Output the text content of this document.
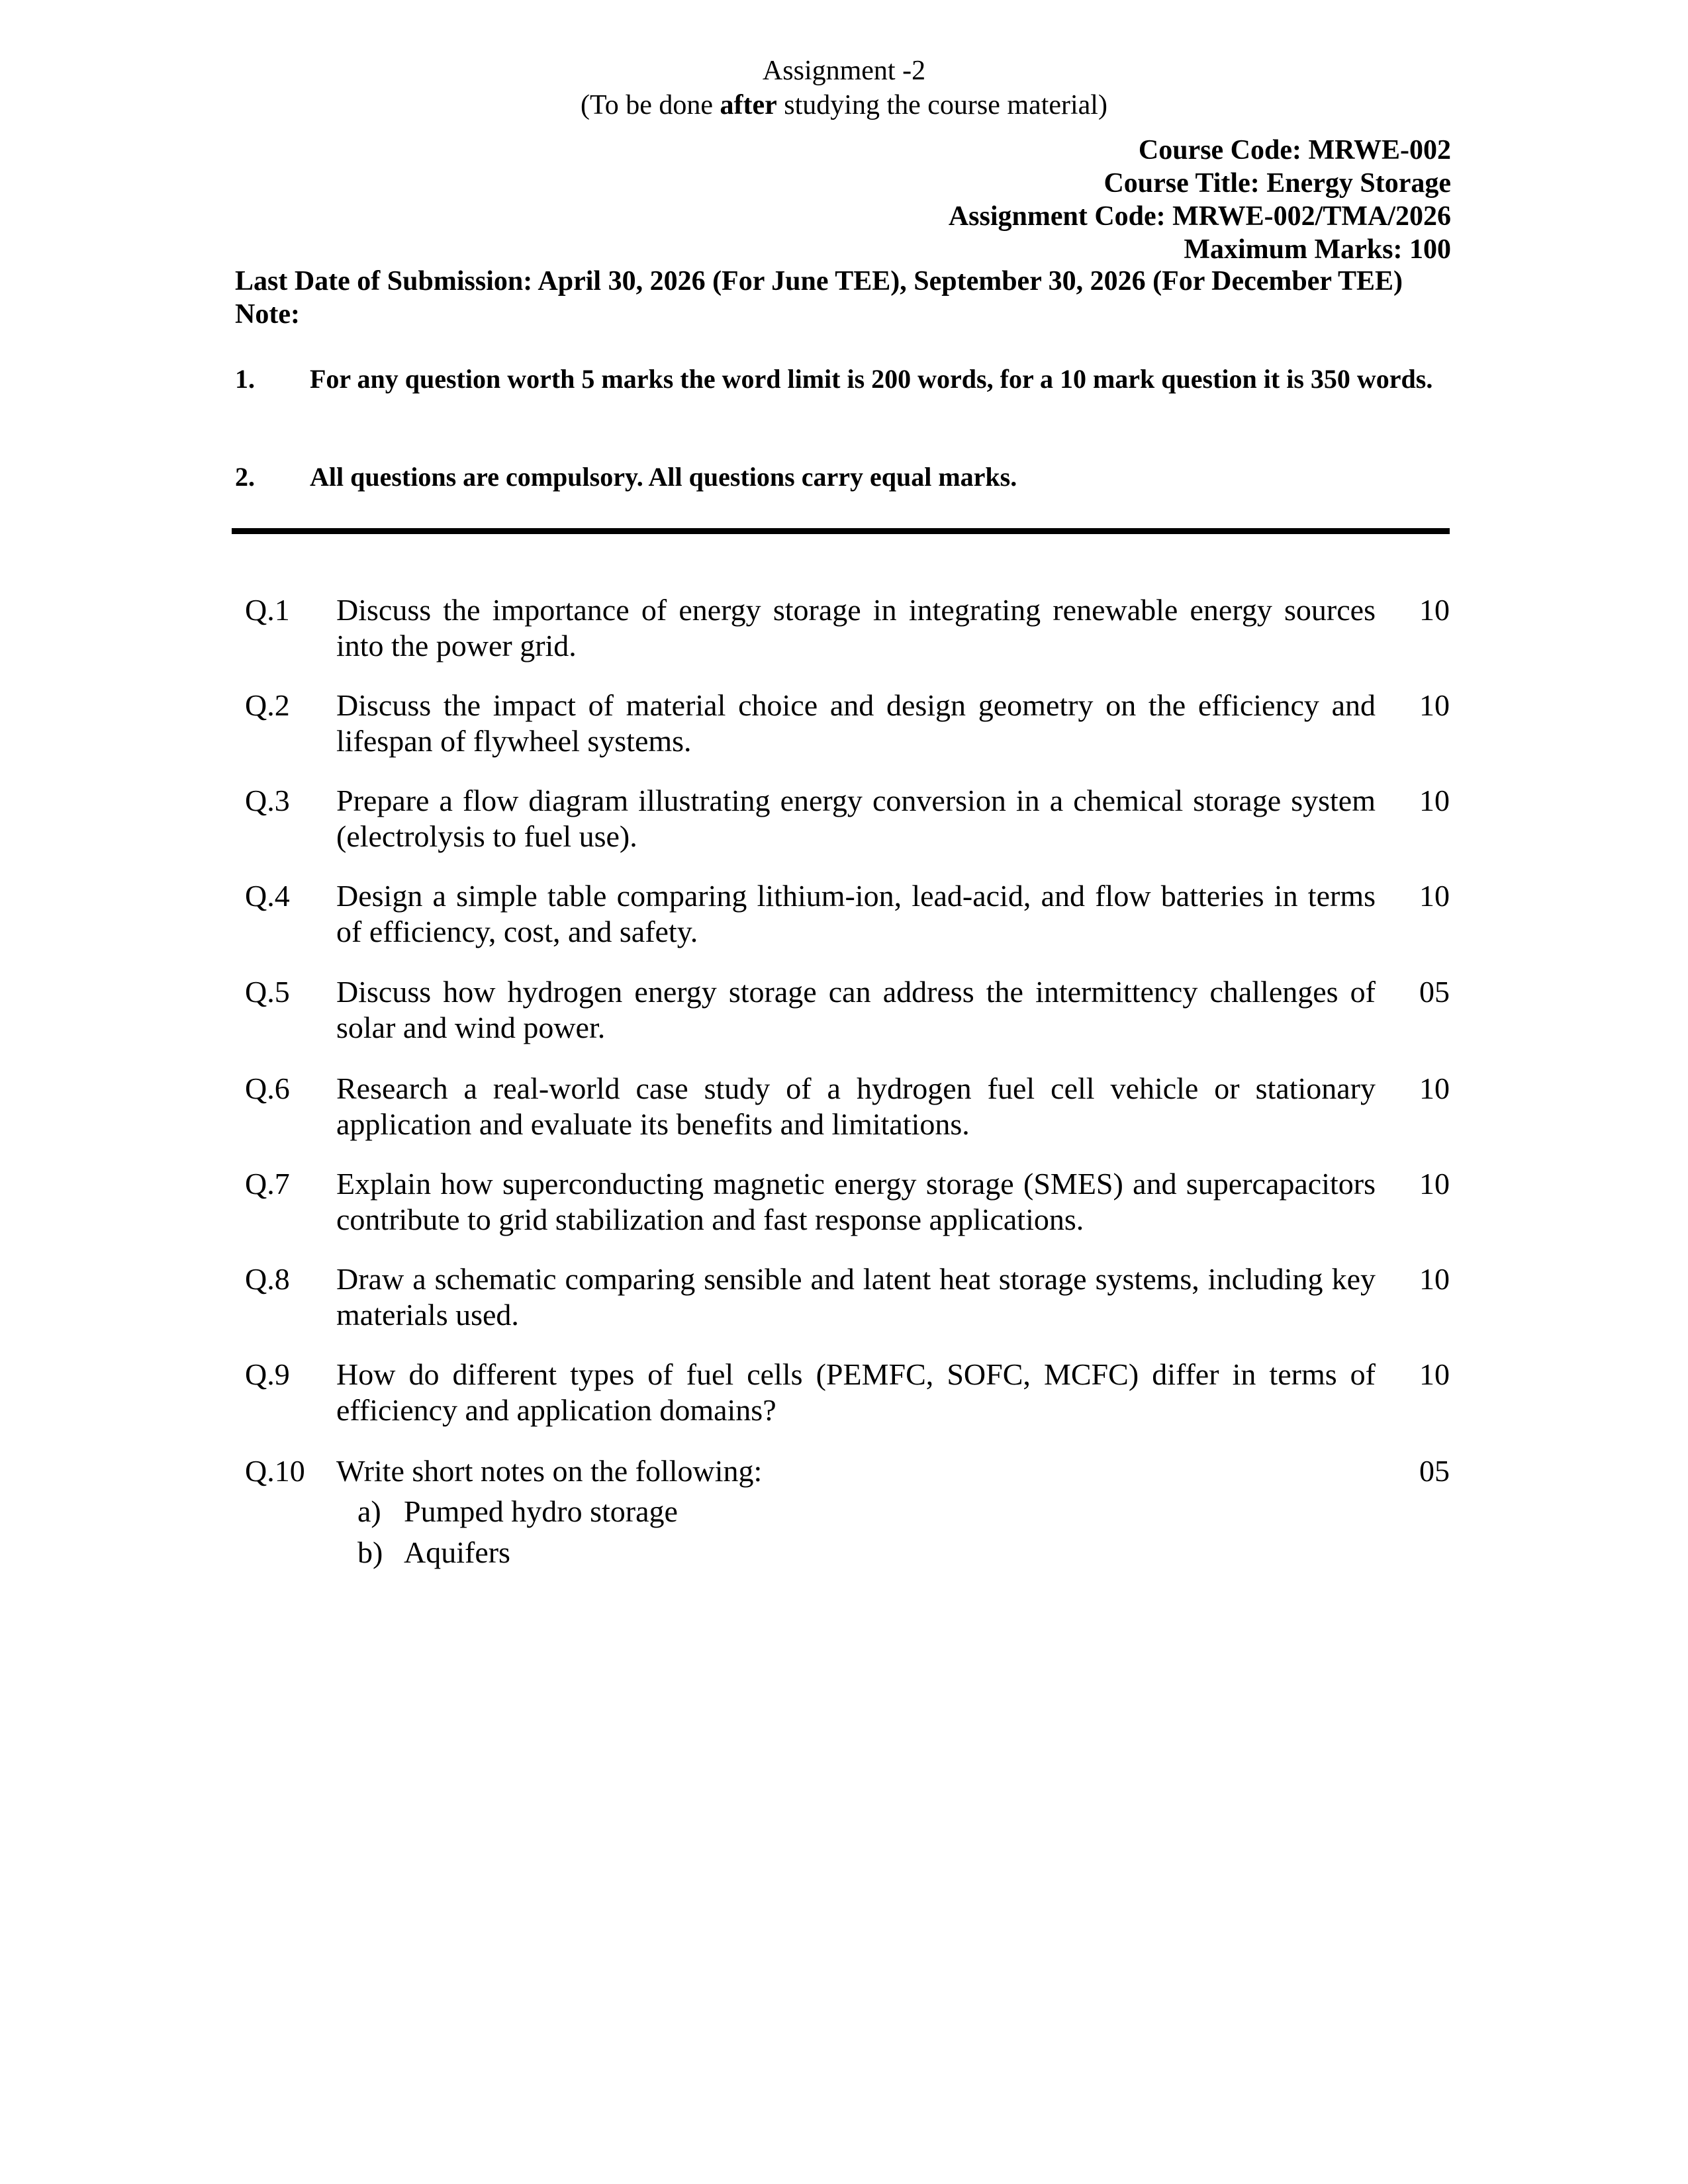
Assignment -2
(To be done after studying the course material)
Course Code: MRWE-002
Course Title: Energy Storage
Assignment Code: MRWE-002/TMA/2026
Maximum Marks: 100
Last Date of Submission: April 30, 2026 (For June TEE), September 30, 2026 (For December TEE)
Note:
1. For any question worth 5 marks the word limit is 200 words, for a 10 mark question it is 350 words.
2. All questions are compulsory. All questions carry equal marks.
Q.1 Discuss the importance of energy storage in integrating renewable energy sources into the power grid.
10
Q.2 Discuss the impact of material choice and design geometry on the efficiency and lifespan of flywheel systems.
10
Q.3 Prepare a flow diagram illustrating energy conversion in a chemical storage system (electrolysis to fuel use).
10
Q.4 Design a simple table comparing lithium-ion, lead-acid, and flow batteries in terms of efficiency, cost, and safety.
10
Q.5 Discuss how hydrogen energy storage can address the intermittency challenges of solar and wind power.
05
Q.6 Research a real-world case study of a hydrogen fuel cell vehicle or stationary application and evaluate its benefits and limitations.
10
Q.7 Explain how superconducting magnetic energy storage (SMES) and supercapacitors contribute to grid stabilization and fast response applications.
10
Q.8 Draw a schematic comparing sensible and latent heat storage systems, including key materials used.
10
Q.9 How do different types of fuel cells (PEMFC, SOFC, MCFC) differ in terms of efficiency and application domains?
10
Q.10 Write short notes on the following:	05
a) Pumped hydro storage
b) Aquifers
